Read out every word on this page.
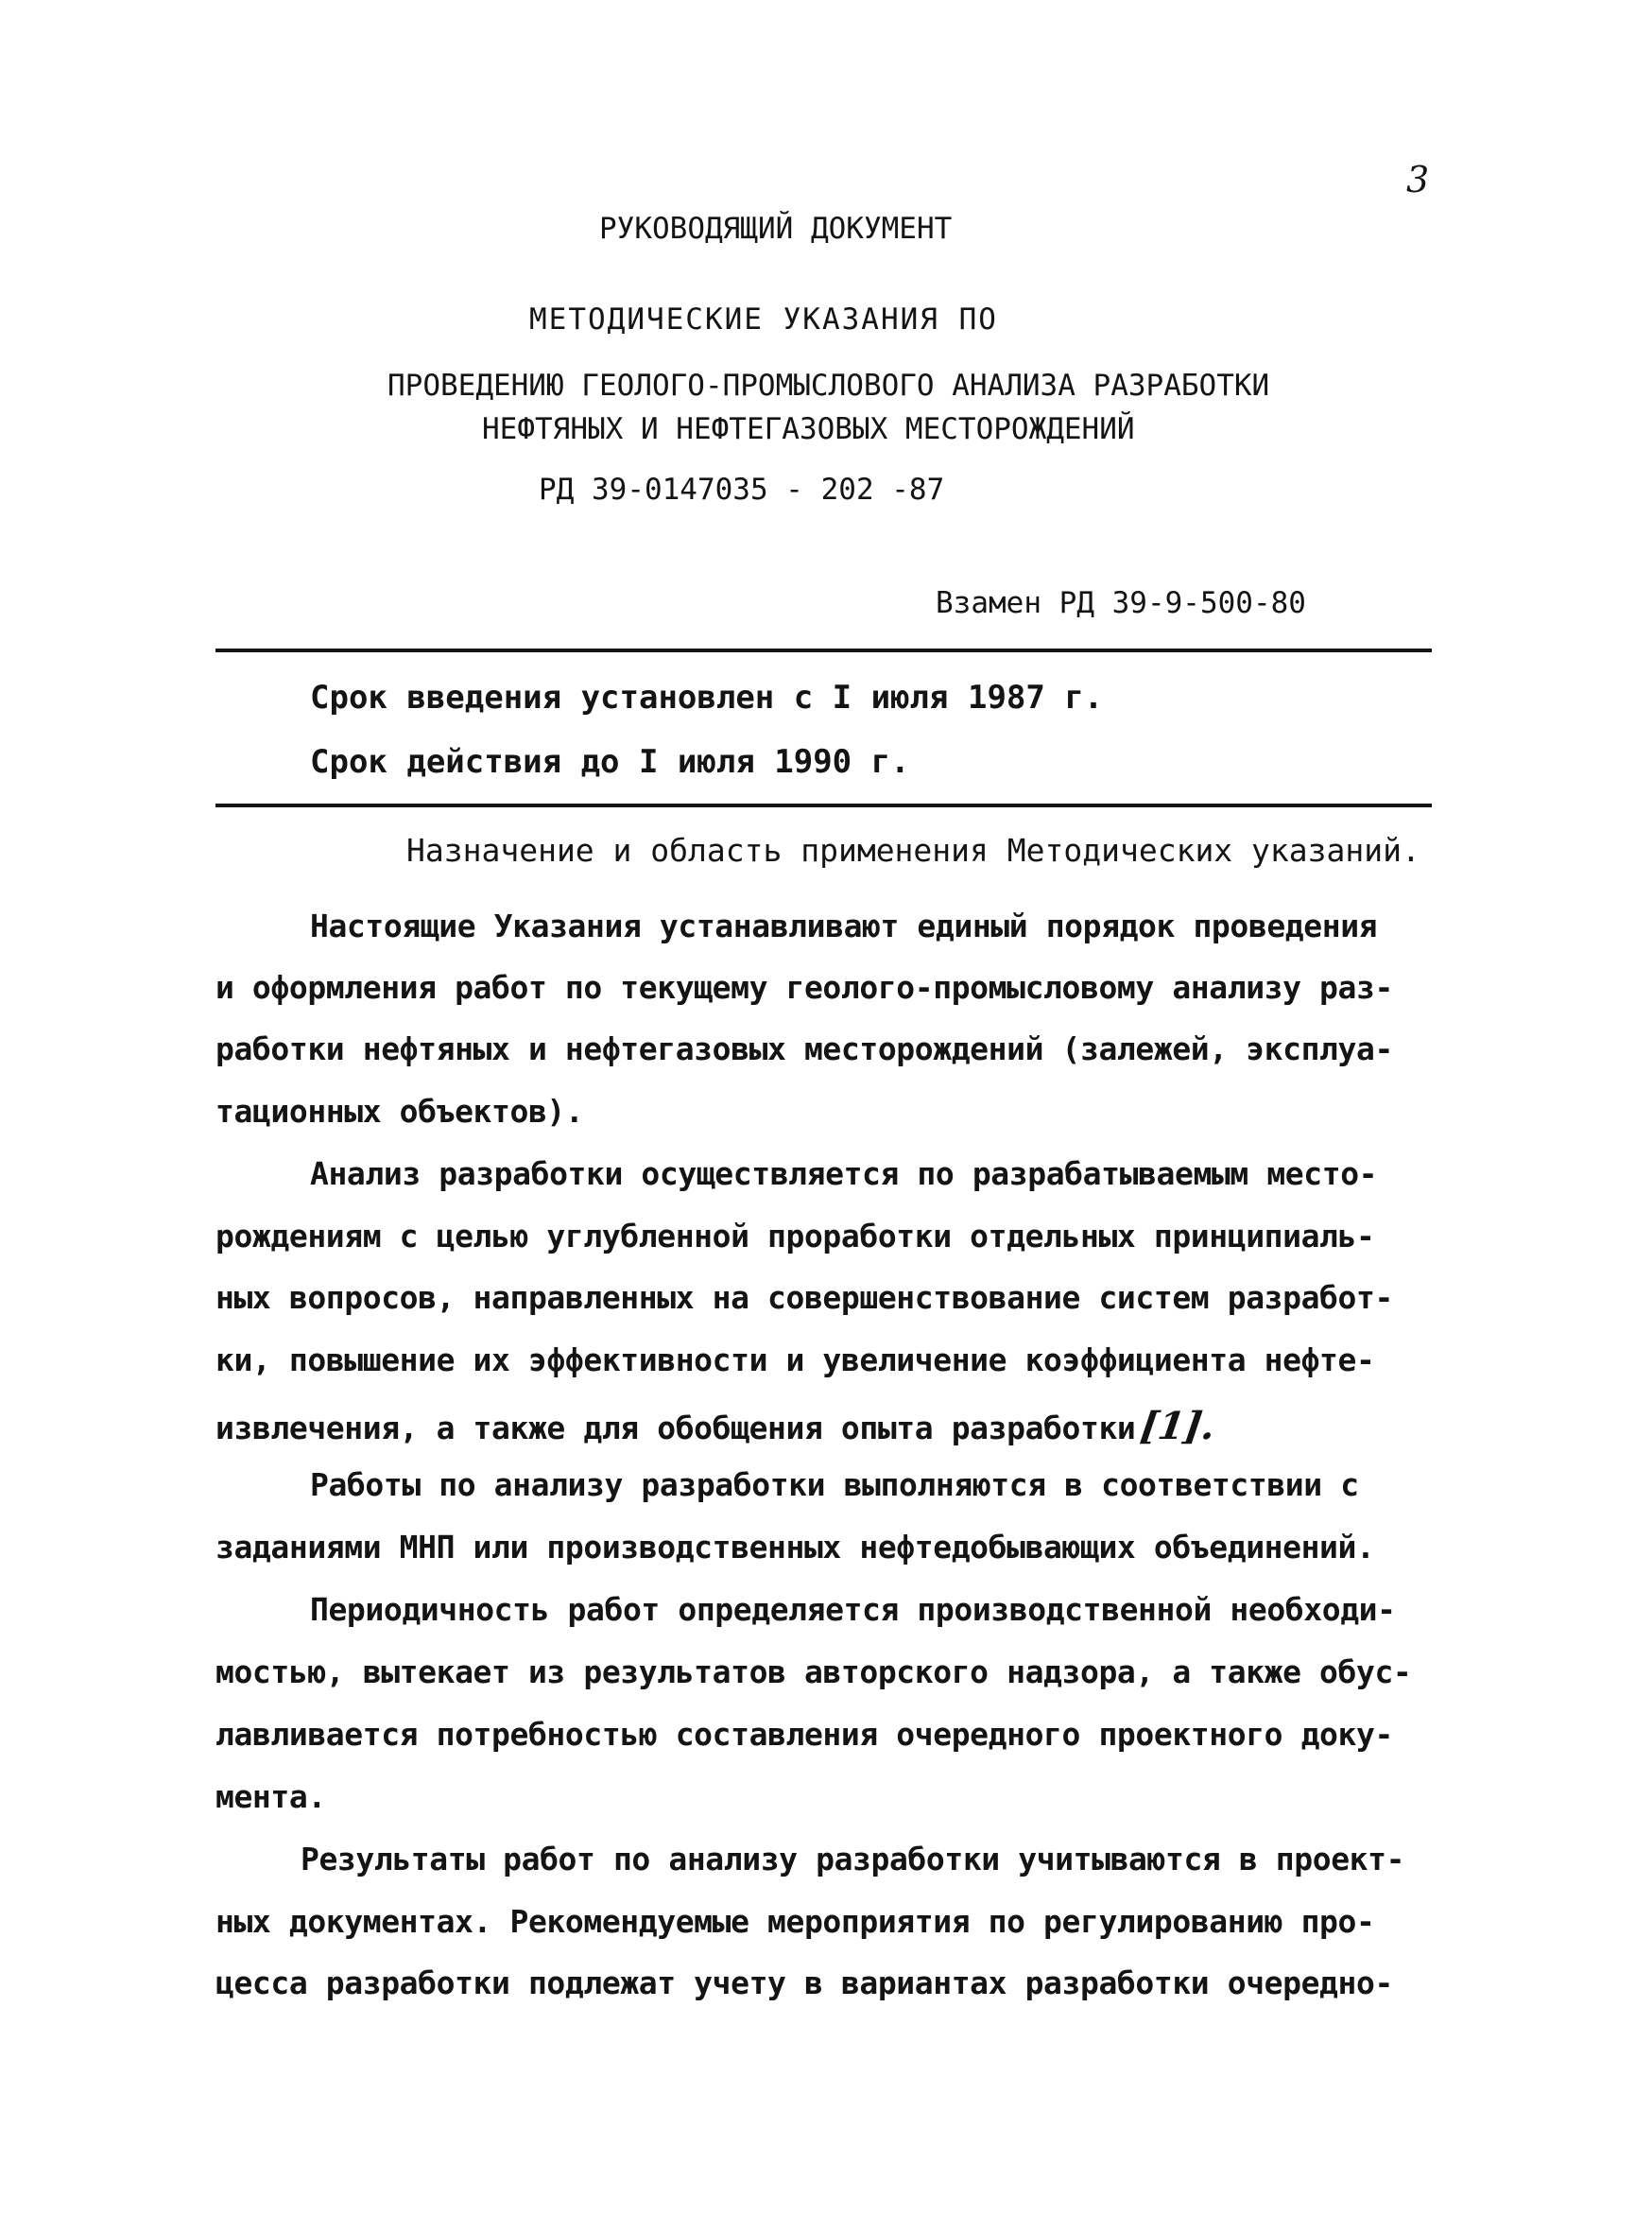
3
РУКОВОДЯЩИЙ ДОКУМЕНТ
МЕТОДИЧЕСКИЕ УКАЗАНИЯ ПО
ПРОВЕДЕНИЮ ГЕОЛОГО-ПРОМЫСЛОВОГО АНАЛИЗА РАЗРАБОТКИ
НЕФТЯНЫХ И НЕФТЕГАЗОВЫХ МЕСТОРОЖДЕНИЙ
РД 39-0147035 - 202 -87
Взамен РД 39-9-500-80
Срок введения установлен с I июля 1987 г.
Срок действия до I июля 1990 г.
Назначение и область применения Методических указаний.
Настоящие Указания устанавливают единый порядок проведения
и оформления работ по текущему геолого-промысловому анализу раз-
работки нефтяных и нефтегазовых месторождений (залежей, эксплуа-
тационных объектов).
Анализ разработки осуществляется по разрабатываемым место-
рождениям с целью углубленной проработки отдельных принципиаль-
ных вопросов, направленных на совершенствование систем разработ-
ки, повышение их эффективности и увеличение коэффициента нефте-
извлечения, а также для обобщения опыта разработки[1].
Работы по анализу разработки выполняются в соответствии с
заданиями МНП или производственных нефтедобывающих объединений.
Периодичность работ определяется производственной необходи-
мостью, вытекает из результатов авторского надзора, а также обус-
лавливается потребностью составления очередного проектного доку-
мента.
Результаты работ по анализу разработки учитываются в проект-
ных документах. Рекомендуемые мероприятия по регулированию про-
цесса разработки подлежат учету в вариантах разработки очередно-
